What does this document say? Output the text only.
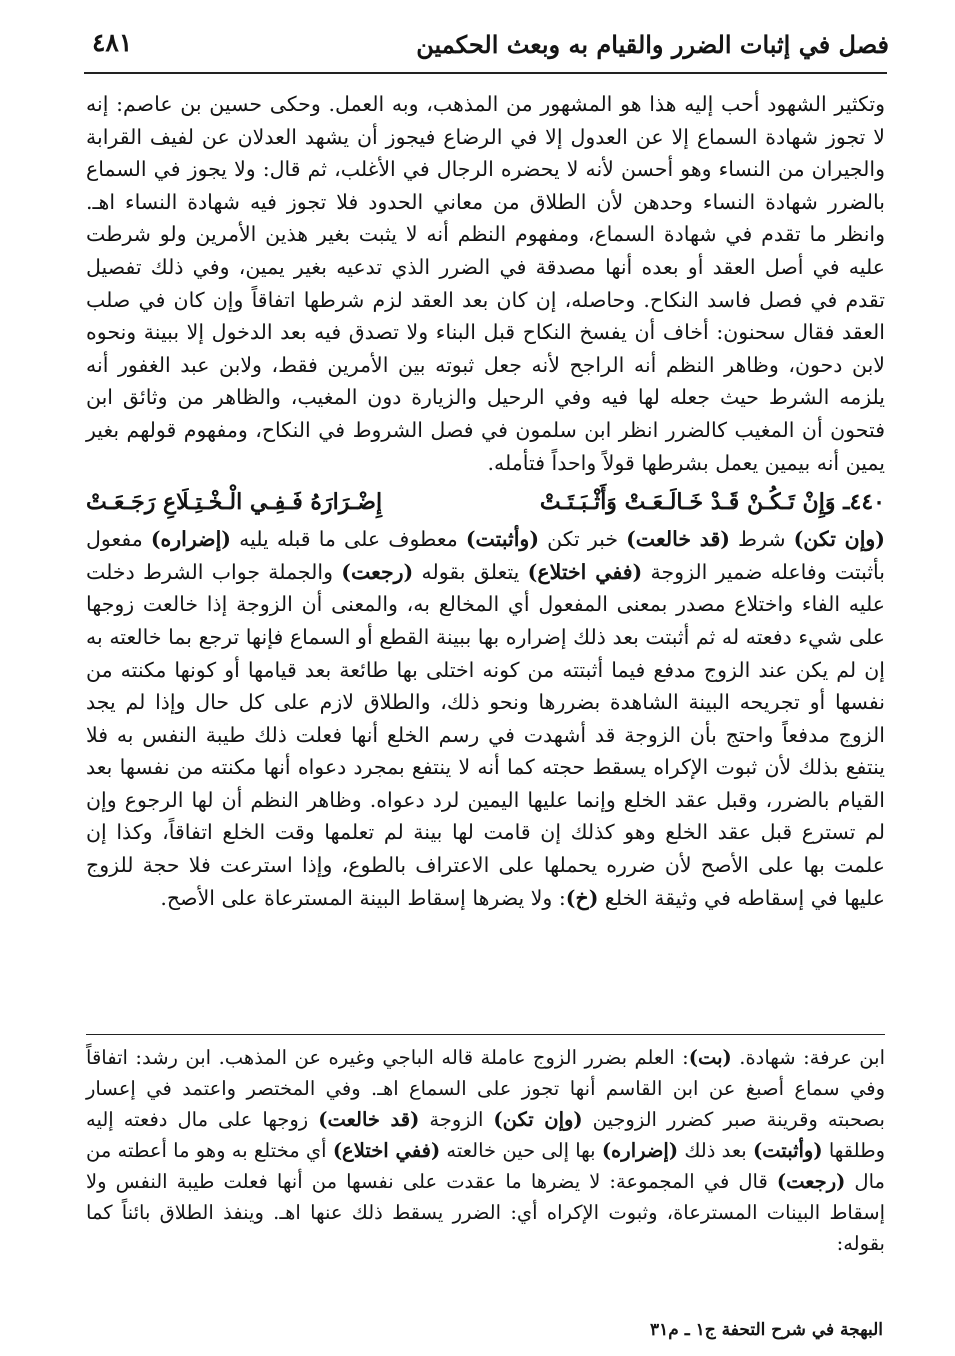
فصل في إثبات الضرر والقيام به وبعث الحكمين
٤٨١

وتكثير الشهود أحب إليه هذا هو المشهور من المذهب، وبه العمل. وحكى حسين بن عاصم: إنه لا تجوز شهادة السماع إلا عن العدول إلا في الرضاع فيجوز أن يشهد العدلان عن لفيف القرابة والجيران من النساء وهو أحسن لأنه لا يحضره الرجال في الأغلب، ثم قال: ولا يجوز في السماع بالضرر شهادة النساء وحدهن لأن الطلاق من معاني الحدود فلا تجوز فيه شهادة النساء اهـ. وانظر ما تقدم في شهادة السماع، ومفهوم النظم أنه لا يثبت بغير هذين الأمرين ولو شرطت عليه في أصل العقد أو بعده أنها مصدقة في الضرر الذي تدعيه بغير يمين، وفي ذلك تفصيل تقدم في فصل فاسد النكاح. وحاصله، إن كان بعد العقد لزم شرطها اتفاقاً وإن كان في صلب العقد فقال سحنون: أخاف أن يفسخ النكاح قبل البناء ولا تصدق فيه بعد الدخول إلا ببينة ونحوه لابن دحون، وظاهر النظم أنه الراجح لأنه جعل ثبوته بين الأمرين فقط، ولابن عبد الغفور أنه يلزمه الشرط حيث جعله لها فيه وفي الرحيل والزيارة دون المغيب، والظاهر من وثائق ابن فتحون أن المغيب كالضرر انظر ابن سلمون في فصل الشروط في النكاح، ومفهوم قولهم بغير يمين أنه بيمين يعمل بشرطها قولاً واحداً فتأمله.

٤٤٠ـ وَإِنْ تَـكُـنْ قَـدْ خَـالَـعَـتْ وَأَثْـبَـتَـتْ
إِضْـرَارَهُ فَـفِـي الْـخْـتِـلَاعِ رَجَـعَـتْ

(وإن تكن) شرط (قد خالعت) خبر تكن (وأثبتت) معطوف على ما قبله يليه (إضراره) مفعول بأثبتت وفاعله ضمير الزوجة (ففي اختلاع) يتعلق بقوله (رجعت) والجملة جواب الشرط دخلت عليه الفاء واختلاع مصدر بمعنى المفعول أي المخالع به، والمعنى أن الزوجة إذا خالعت زوجها على شيء دفعته له ثم أثبتت بعد ذلك إضراره بها ببينة القطع أو السماع فإنها ترجع بما خالعته به إن لم يكن عند الزوج مدفع فيما أثبتته من كونه اختلى بها طائعة بعد قيامها أو كونها مكنته من نفسها أو تجريحه البينة الشاهدة بضررها ونحو ذلك، والطلاق لازم على كل حال وإذا لم يجد الزوج مدفعاً واحتج بأن الزوجة قد أشهدت في رسم الخلع أنها فعلت ذلك طيبة النفس به فلا ينتفع بذلك لأن ثبوت الإكراه يسقط حجته كما أنه لا ينتفع بمجرد دعواه أنها مكنته من نفسها بعد القيام بالضرر، وقبل عقد الخلع وإنما عليها اليمين لرد دعواه. وظاهر النظم أن لها الرجوع وإن لم تسترع قبل عقد الخلع وهو كذلك إن قامت لها بينة لم تعلمها وقت الخلع اتفاقاً، وكذا إن علمت بها على الأصح لأن ضرره يحملها على الاعتراف بالطوع، وإذا استرعت فلا حجة للزوج عليها في إسقاطه في وثيقة الخلع (خ): ولا يضرها إسقاط البينة المسترعاة على الأصح.

ابن عرفة: شهادة. (بت): العلم بضرر الزوج عاملة قاله الباجي وغيره عن المذهب. ابن رشد: اتفاقاً وفي سماع أصبغ عن ابن القاسم أنها تجوز على السماع اهـ. وفي المختصر واعتمد في إعسار بصحبته وقرينة صبر كضرر الزوجين (وإن تكن) الزوجة (قد خالعت) زوجها على مال دفعته إليه وطلقها (وأثبتت) بعد ذلك (إضراره) بها إلى حين خالعته (ففي اختلاع) أي مختلع به وهو ما أعطته من مال (رجعت) قال في المجموعة: لا يضرها ما عقدت على نفسها من أنها فعلت طيبة النفس ولا إسقاط البينات المسترعاة، وثبوت الإكراه أي: الضرر يسقط ذلك عنها اهـ. وينفذ الطلاق بائناً كما بقوله:

البهجة في شرح التحفة ج١ ـ م٣١
